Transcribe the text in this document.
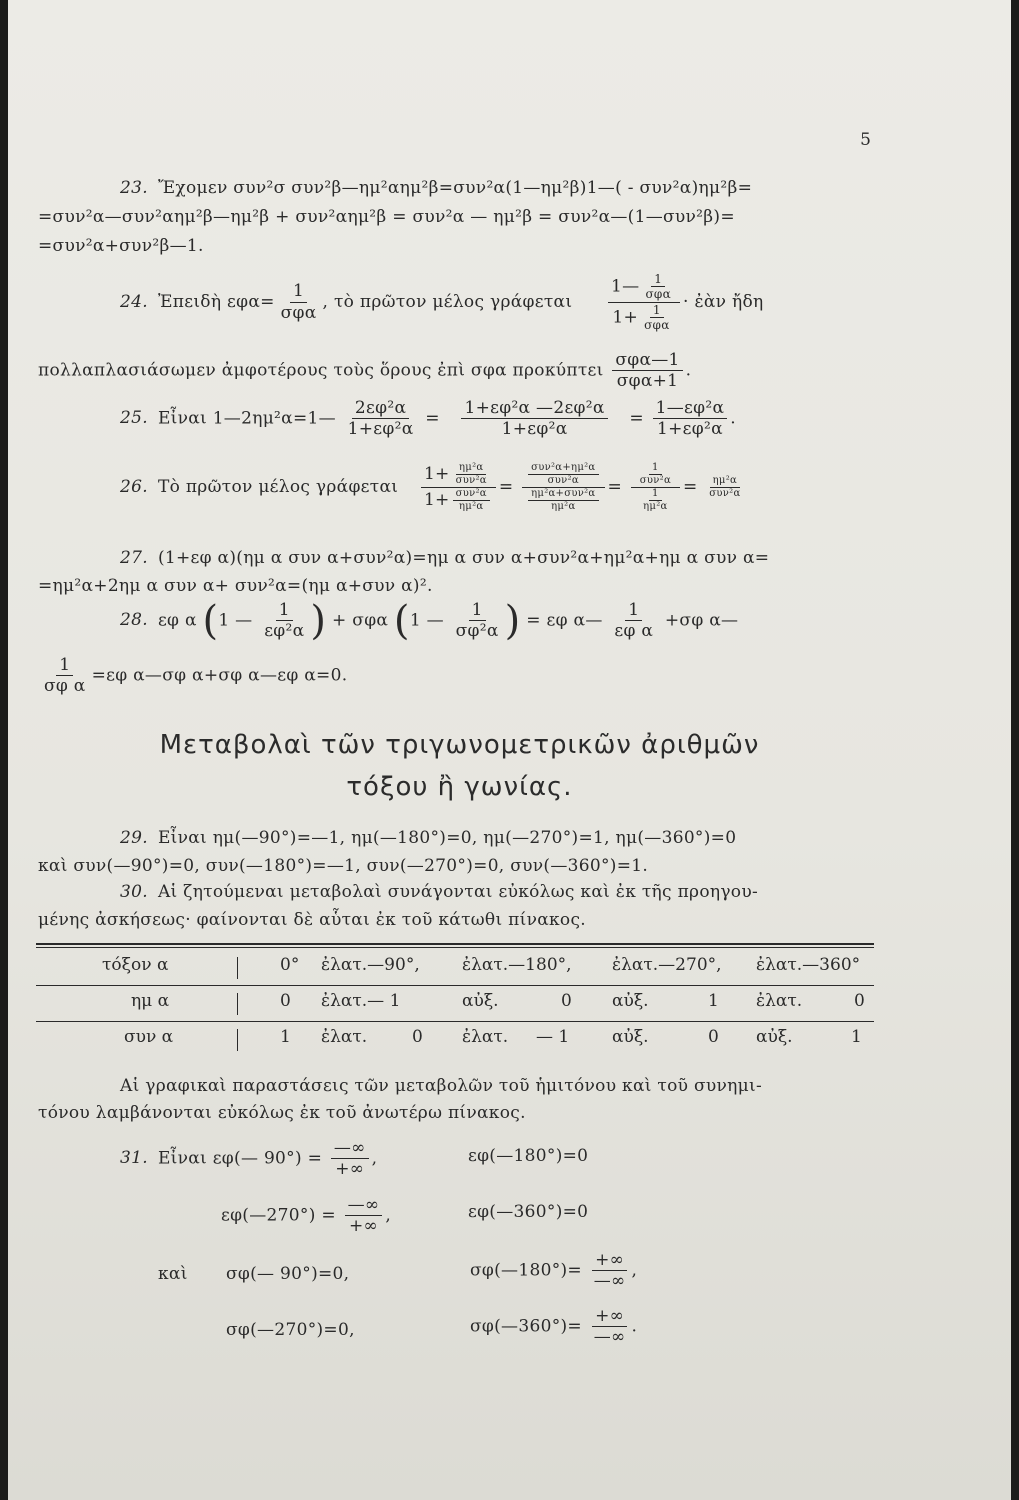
5
23. Ἔχομεν συν²σ συν²β—ημ²αημ²β=συν²α(1—ημ²β)1—( - συν²α)ημ²β=
=συν²α—συν²αημ²β—ημ²β + συν²αημ²β = συν²α — ημ²β = συν²α—(1—συν²β)=
=συν²α+συν²β—1.
24. Ἐπειδὴ $\varepsilon\varphi\alpha= \frac{1}{\text{σφα}}$ , τὸ πρῶτον μέλος γράφεται $\frac{1— \frac{1}{\text{σφα}}}{1+ \frac{1}{\text{σφα}}}$ · ἐὰν ἤδη
πολλαπλασιάσωμεν ἀμφοτέρους τοὺς ὅρους ἐπὶ σφα προκύπτει $\frac{\text{σφα—1}}{\text{σφα+1}}$ .
25. Εἶναι 1—2ημ²α=1— $\frac{\text{2εφ²α}}{\text{1+εφ²α}} = \frac{\text{1+εφ²α —2εφ²α}}{\text{1+εφ²α}} = \frac{\text{1—εφ²α}}{\text{1+εφ²α}}$ .
26. Τὸ πρῶτον μέλος γράφεται $\frac{1+ \frac{\text{ημ²α}}{\text{συν²α}}}{1+ \frac{\text{συν²α}}{\text{ημ²α}}} = \frac{\frac{\text{συν²α+ημ²α}}{\text{συν²α}}}{\frac{\text{ημ²α+συν²α}}{\text{ημ²α}}} = \frac{\frac{1}{\text{συν²α}}}{\frac{1}{\text{ημ²α}}} = \frac{\text{ημ²α}}{\text{συν²α}}$
27. (1+εφ α)(ημ α συν α+συν²α)=ημ α συν α+συν²α+ημ²α+ημ α συν α=
=ημ²α+2ημ α συν α+ συν²α=(ημ α+συν α)².
28. εφ α (1 — $\frac{1}{\text{εφ²α}}$ ) + σφα (1 — $\frac{1}{\text{σφ²α}}$ ) = εφ α— $\frac{1}{\text{εφ α}} +\sigma\varphi$ α—
$\frac{1}{\text{σφ α}} =\varepsilon\varphi$ α—σφ α+σφ α—εφ α=0.
Μεταβολαὶ τῶν τριγωνομετρικῶν ἀριθμῶν
τόξου ἢ γωνίας.
29. Εἶναι ημ(—90°)=—1, ημ(—180°)=0, ημ(—270°)=1, ημ(—360°)=0
καὶ συν(—90°)=0, συν(—180°)=—1, συν(—270°)=0, συν(—360°)=1.
30. Αἱ ζητούμεναι μεταβολαὶ συνάγονται εὐκόλως καὶ ἐκ τῆς προηγου-
μένης ἀσκήσεως· φαίνονται δὲ αὗται ἐκ τοῦ κάτωθι πίνακος.
τόξον α	0° ἐλατ.—90°, ἐλατ.—180°, ἐλατ.—270°, ἐλατ.—360°
ημ α	0 ἐλατ.— 1	αὐξ.	0 αὐξ.	1 ἐλατ.	0
συν α	1 ἐλατ.	0 ἐλατ. — 1	αὐξ.	0 αὐξ.	1
Αἱ γραφικαὶ παραστάσεις τῶν μεταβολῶν τοῦ ἡμιτόνου καὶ τοῦ συνημι-
τόνου λαμβάνονται εὐκόλως ἐκ τοῦ ἀνωτέρω πίνακος.
31. Εἶναι εφ(— $90^\circ) = \frac{—\infty}{+\infty}$ ,	εφ(—180°)=0
εφ(—270°) = $\frac{—\infty}{+\infty}$ ,	εφ(—360°)=0
καὶ σφ(— 90°)=0,	σφ(—180°)= $\frac{+\infty}{—\infty}$ ,
σφ(—270°)=0,	σφ(—360°)= $\frac{+\infty}{—\infty}$ .
